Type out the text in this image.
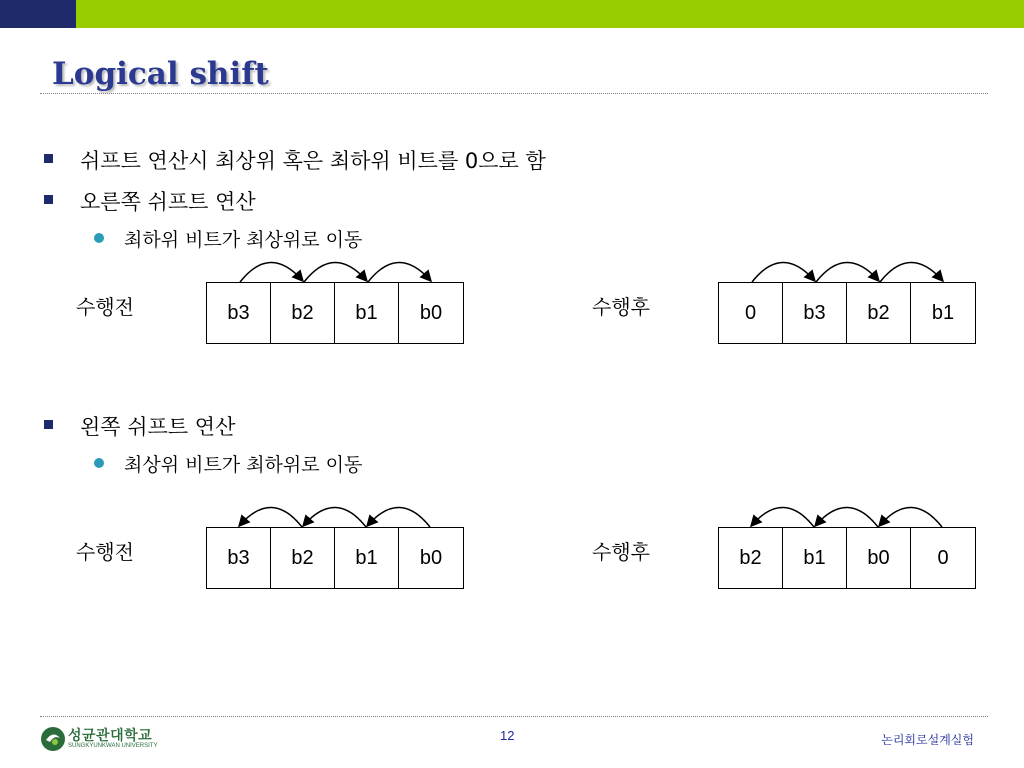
Logical shift
쉬프트 연산시 최상위 혹은 최하위 비트를 0으로 함
오른쪽 쉬프트 연산
최하위 비트가 최상위로 이동
수행전	b3	b2	b1	b0	수행후	0	b3	b2	b1
왼쪽 쉬프트 연산
최상위 비트가 최하위로 이동
수행전	b3	b2	b1	b0	수행후	b2	b1	b0	0
성균관대학교
SUNGKYUNKWAN UNIVERSITY
12	논리회로설계실험
